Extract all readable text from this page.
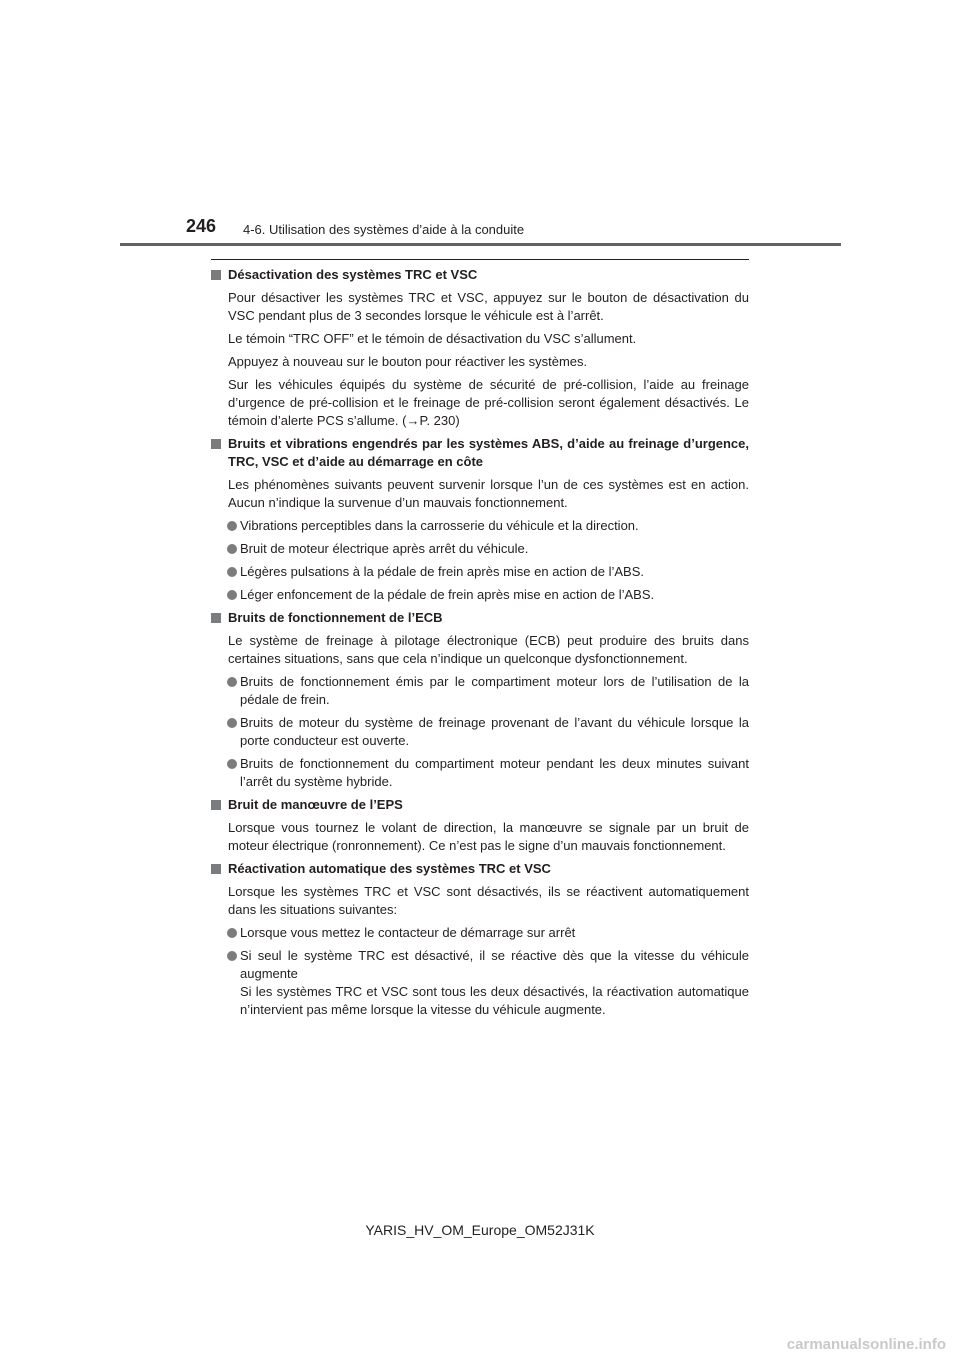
246 4-6. Utilisation des systèmes d’aide à la conduite
Désactivation des systèmes TRC et VSC
Pour désactiver les systèmes TRC et VSC, appuyez sur le bouton de désactivation du VSC pendant plus de 3 secondes lorsque le véhicule est à l’arrêt.
Le témoin “TRC OFF” et le témoin de désactivation du VSC s’allument.
Appuyez à nouveau sur le bouton pour réactiver les systèmes.
Sur les véhicules équipés du système de sécurité de pré-collision, l’aide au freinage d’urgence de pré-collision et le freinage de pré-collision seront également désactivés. Le témoin d’alerte PCS s’allume. (→P. 230)
Bruits et vibrations engendrés par les systèmes ABS, d’aide au freinage d’urgence, TRC, VSC et d’aide au démarrage en côte
Les phénomènes suivants peuvent survenir lorsque l’un de ces systèmes est en action. Aucun n’indique la survenue d’un mauvais fonctionnement.
Vibrations perceptibles dans la carrosserie du véhicule et la direction.
Bruit de moteur électrique après arrêt du véhicule.
Légères pulsations à la pédale de frein après mise en action de l’ABS.
Léger enfoncement de la pédale de frein après mise en action de l’ABS.
Bruits de fonctionnement de l’ECB
Le système de freinage à pilotage électronique (ECB) peut produire des bruits dans certaines situations, sans que cela n’indique un quelconque dysfonctionnement.
Bruits de fonctionnement émis par le compartiment moteur lors de l’utilisation de la pédale de frein.
Bruits de moteur du système de freinage provenant de l’avant du véhicule lorsque la porte conducteur est ouverte.
Bruits de fonctionnement du compartiment moteur pendant les deux minutes suivant l’arrêt du système hybride.
Bruit de manœuvre de l’EPS
Lorsque vous tournez le volant de direction, la manœuvre se signale par un bruit de moteur électrique (ronronnement). Ce n’est pas le signe d’un mauvais fonctionnement.
Réactivation automatique des systèmes TRC et VSC
Lorsque les systèmes TRC et VSC sont désactivés, ils se réactivent automatiquement dans les situations suivantes:
Lorsque vous mettez le contacteur de démarrage sur arrêt
Si seul le système TRC est désactivé, il se réactive dès que la vitesse du véhicule augmente
Si les systèmes TRC et VSC sont tous les deux désactivés, la réactivation automatique n’intervient pas même lorsque la vitesse du véhicule augmente.
YARIS_HV_OM_Europe_OM52J31K
carmanualsonline.info
